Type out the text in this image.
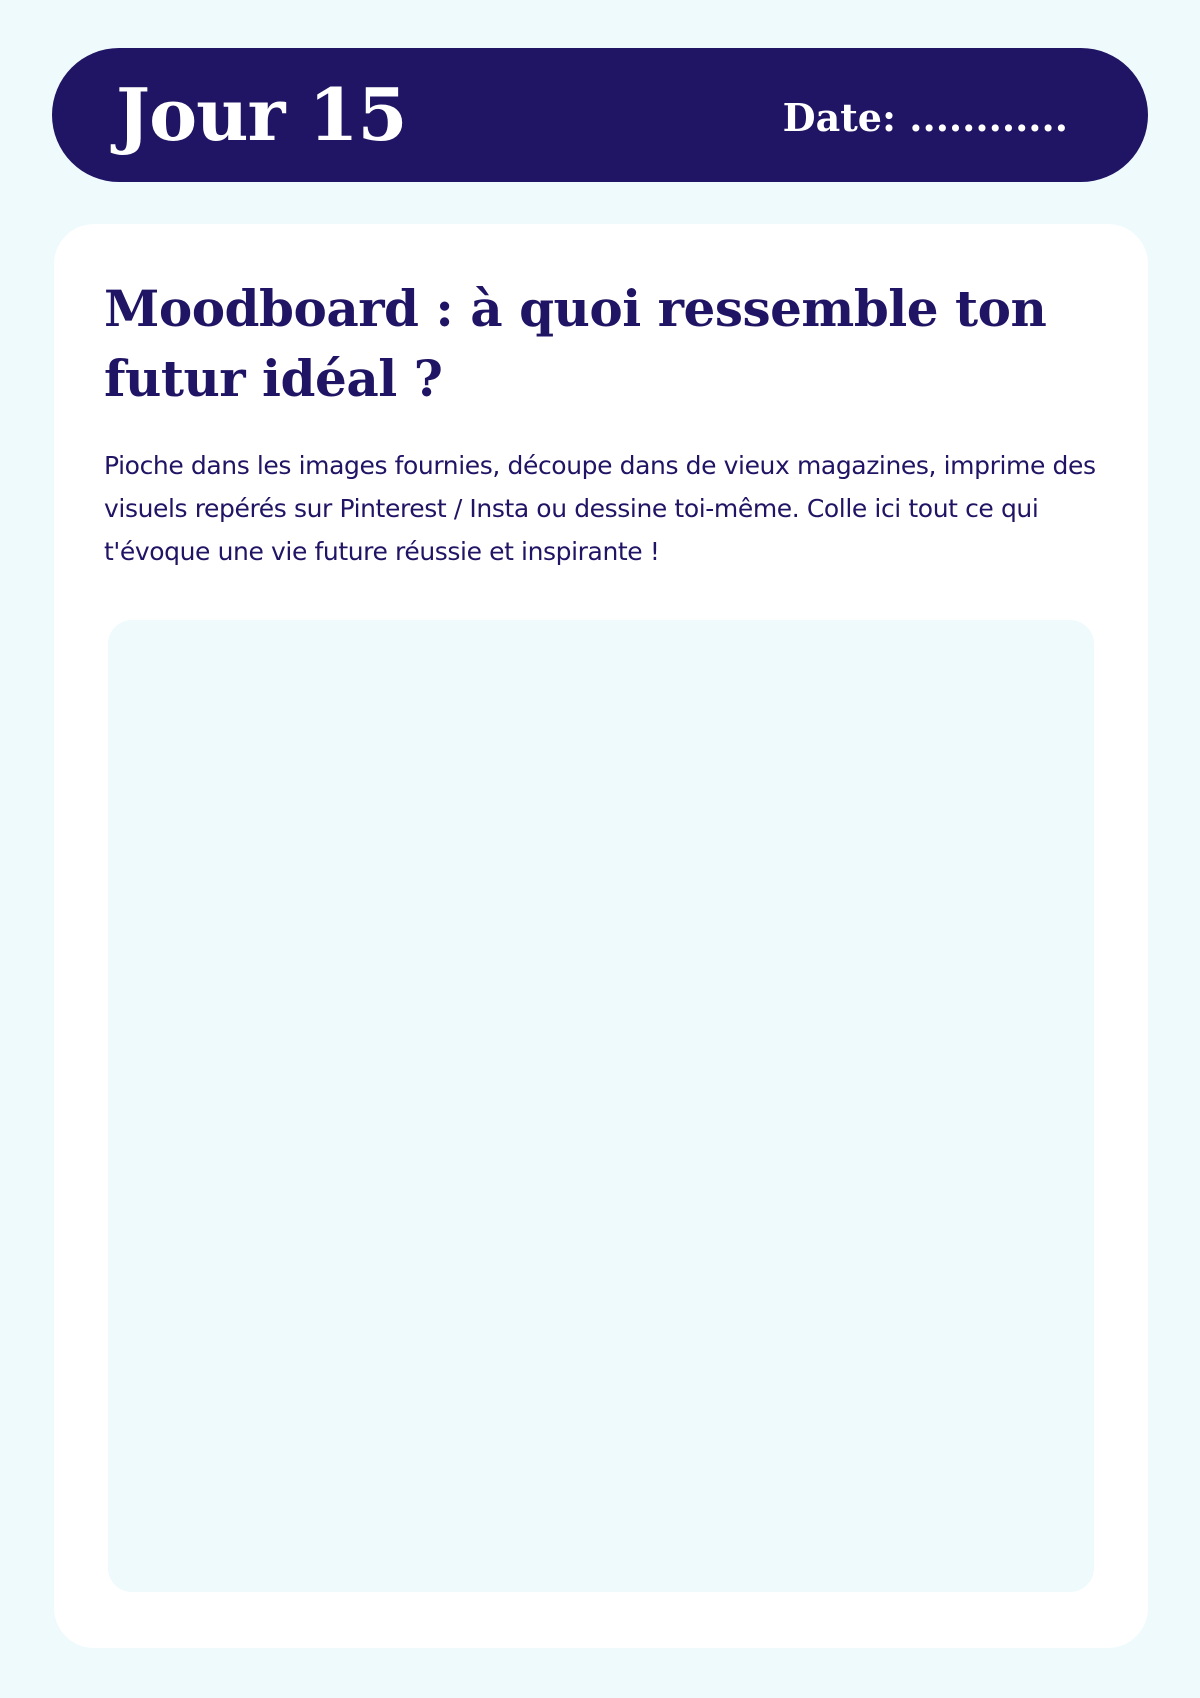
Jour 15	Date: ............
Moodboard : à quoi ressemble ton futur idéal ?

Pioche dans les images fournies, découpe dans de vieux magazines, imprime des visuels repérés sur Pinterest / Insta ou dessine toi-même. Colle ici tout ce qui t'évoque une vie future réussie et inspirante !
